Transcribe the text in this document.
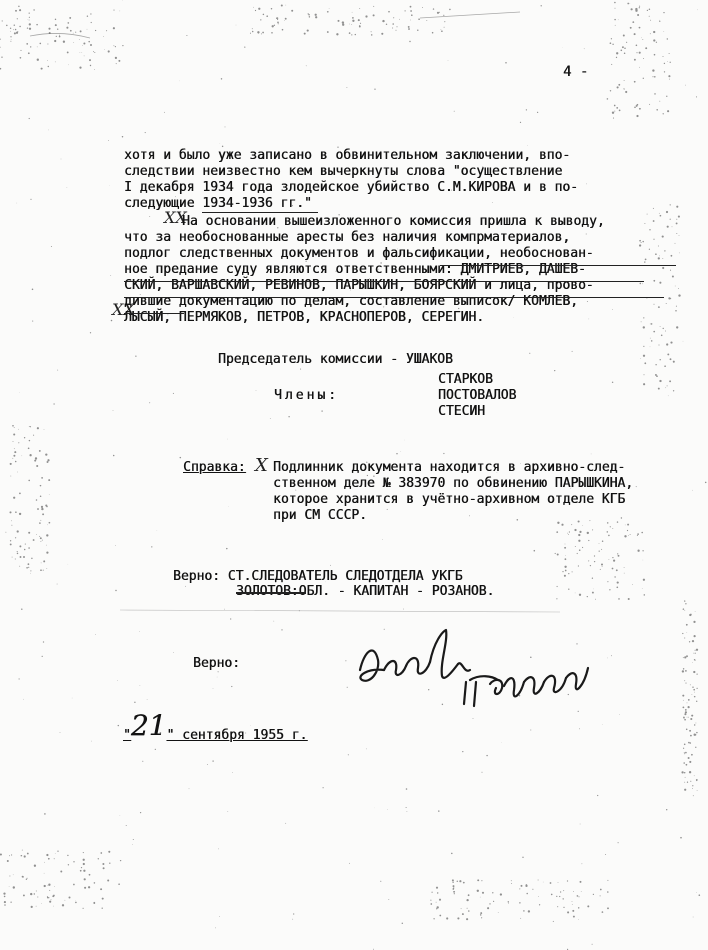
4 -
хотя и было уже записано в обвинительном заключении, впо-
следствии неизвестно кем вычеркнуты слова "осуществление
I декабря 1934 года злодейское убийство С.М.КИРОВА и в по-
следующие 1934-1936 гг."
ХХ
ХХ
На основании вышеизложенного комиссия пришла к выводу,
что за необоснованные аресты без наличия компрматериалов,
подлог следственных документов и фальсификации, необоснован-
ное предание суду являются ответственными: ДМИТРИЕВ, ДАШЕВ-
СКИЙ, ВАРШАВСКИЙ, РЕВИНОВ, ПАРЫШКИН, БОЯРСКИЙ и лица, прово-
дившие документацию по делам, составление выписок/ КОМЛЕВ,
ЛЫСЫЙ, ПЕРМЯКОВ, ПЕТРОВ, КРАСНОПЕРОВ, СЕРЕГИН.
Председатель комиссии - УШАКОВ
Члены:
СТАРКОВ
ПОСТОВАЛОВ
СТЕСИН
Справка: Х Подлинник документа находится в архивно-след-
ственном деле № 383970 по обвинению ПАРЫШКИНА,
которое хранится в учётно-архивном отделе КГБ
при СМ СССР.
Верно: СТ.СЛЕДОВАТЕЛЬ СЛЕДОТДЕЛА УКГБ
ЗОЛОТОВ:ОБЛ. - КАПИТАН - РОЗАНОВ.
Верно:
"21" сентября 1955 г.
